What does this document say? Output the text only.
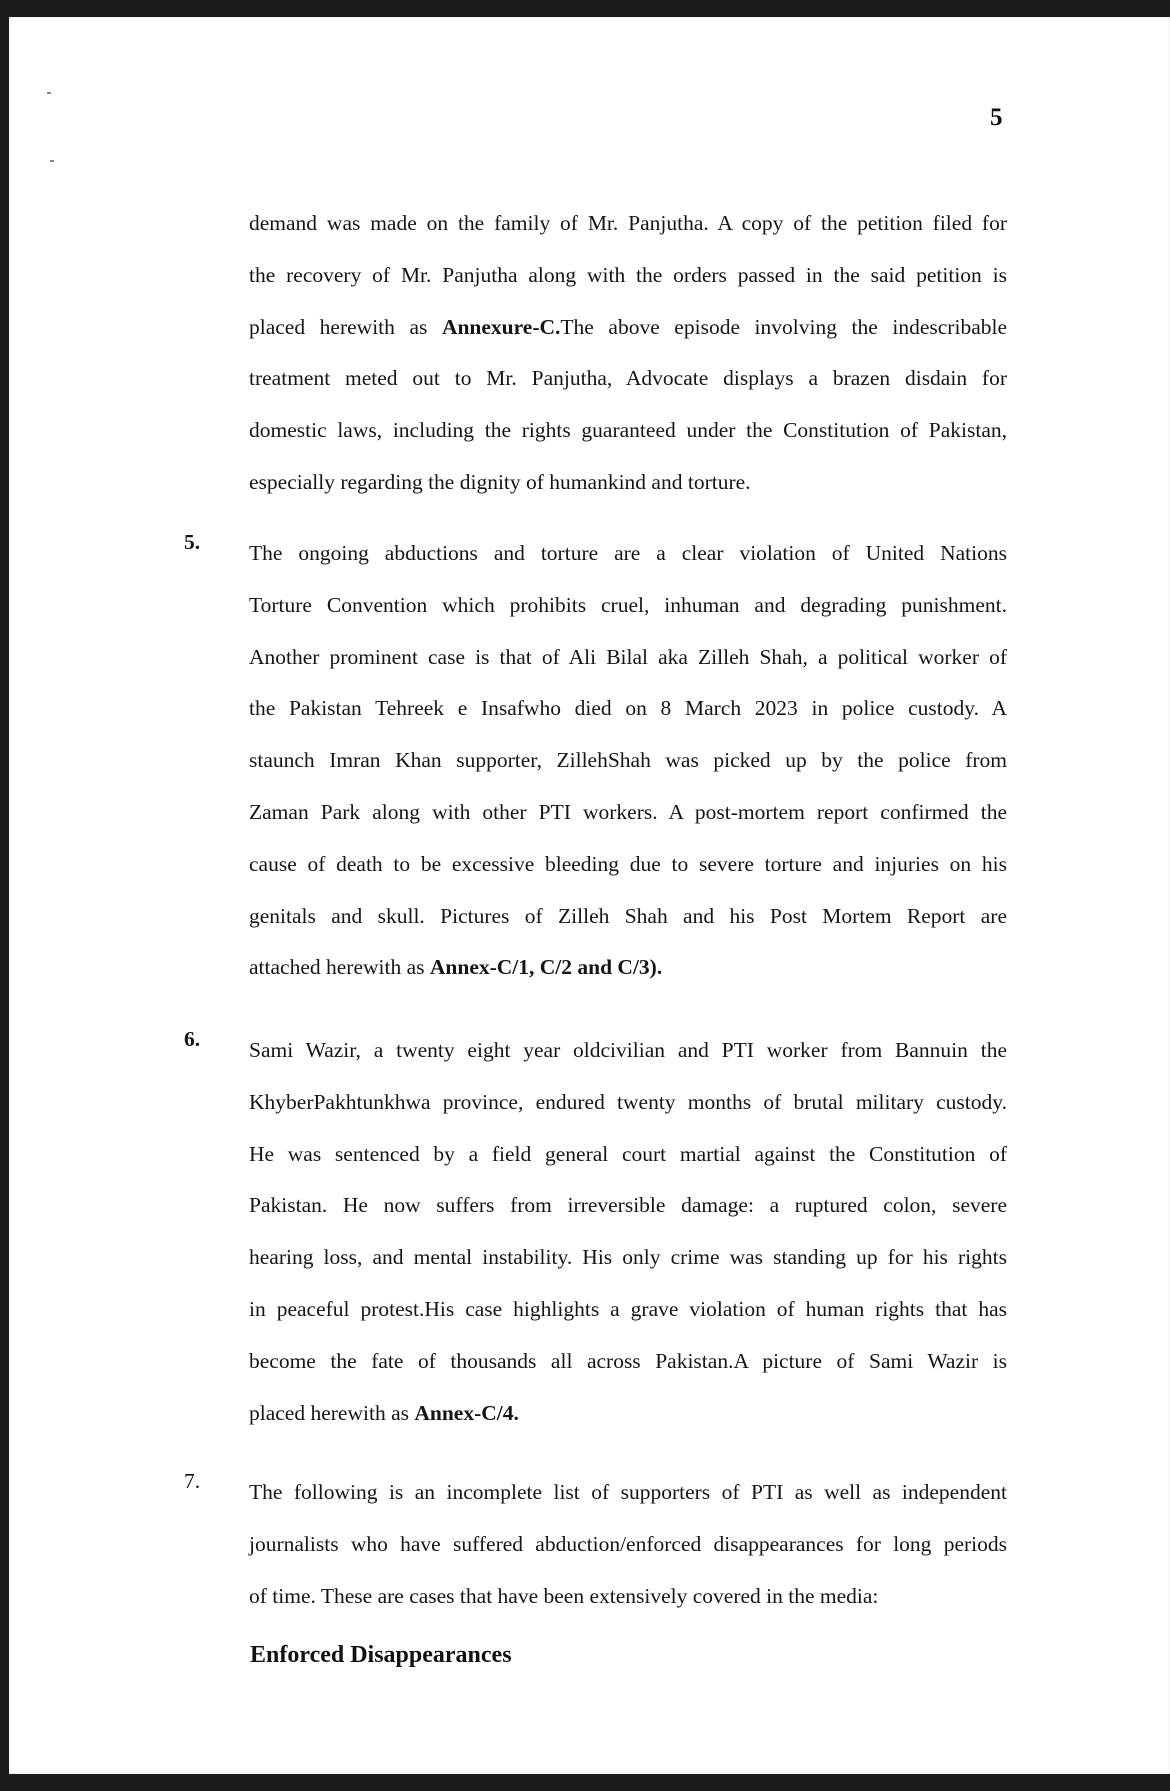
5
demand was made on the family of Mr. Panjutha. A copy of the petition filed for
the recovery of Mr. Panjutha along with the orders passed in the said petition is
placed herewith as Annexure-C.The above episode involving the indescribable
treatment meted out to Mr. Panjutha, Advocate displays a brazen disdain for
domestic laws, including the rights guaranteed under the Constitution of Pakistan,
especially regarding the dignity of humankind and torture.
5. The ongoing abductions and torture are a clear violation of United Nations
Torture Convention which prohibits cruel, inhuman and degrading punishment.
Another prominent case is that of Ali Bilal aka Zilleh Shah, a political worker of
the Pakistan Tehreek e Insafwho died on 8 March 2023 in police custody. A
staunch Imran Khan supporter, ZillehShah was picked up by the police from
Zaman Park along with other PTI workers. A post-mortem report confirmed the
cause of death to be excessive bleeding due to severe torture and injuries on his
genitals and skull. Pictures of Zilleh Shah and his Post Mortem Report are
attached herewith as Annex-C/1, C/2 and C/3).
6. Sami Wazir, a twenty eight year oldcivilian and PTI worker from Bannuin the
KhyberPakhtunkhwa province, endured twenty months of brutal military custody.
He was sentenced by a field general court martial against the Constitution of
Pakistan. He now suffers from irreversible damage: a ruptured colon, severe
hearing loss, and mental instability. His only crime was standing up for his rights
in peaceful protest.His case highlights a grave violation of human rights that has
become the fate of thousands all across Pakistan.A picture of Sami Wazir is
placed herewith as Annex-C/4.
7. The following is an incomplete list of supporters of PTI as well as independent
journalists who have suffered abduction/enforced disappearances for long periods
of time. These are cases that have been extensively covered in the media:
Enforced Disappearances
